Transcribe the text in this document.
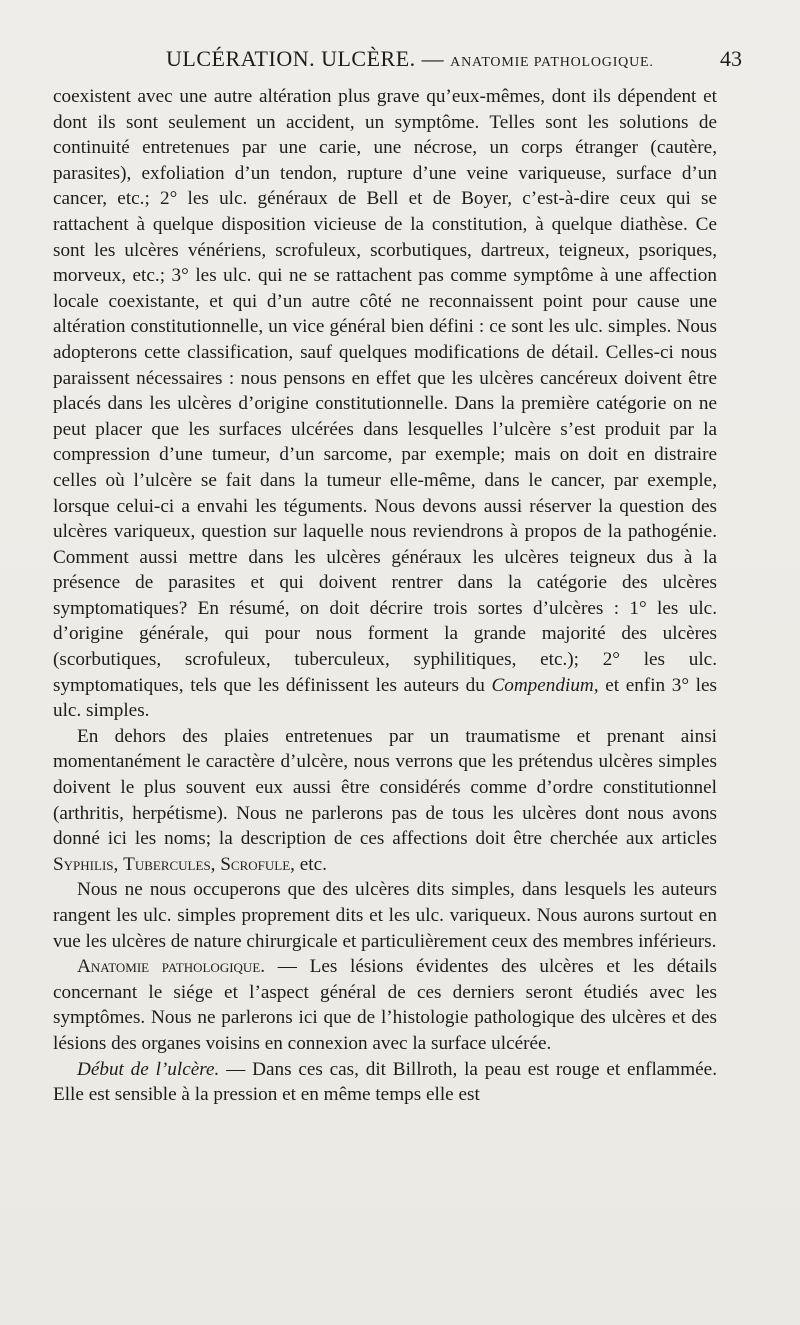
ULCÉRATION. ULCÈRE. — ANATOMIE PATHOLOGIQUE.	43

coexistent avec une autre altération plus grave qu’eux-mêmes, dont ils dépendent et dont ils sont seulement un accident, un symptôme. Telles sont les solutions de continuité entretenues par une carie, une nécrose, un corps étranger (cautère, parasites), exfoliation d’un tendon, rupture d’une veine variqueuse, surface d’un cancer, etc.; 2° les ulc. généraux de Bell et de Boyer, c’est-à-dire ceux qui se rattachent à quelque disposition vicieuse de la constitution, à quelque diathèse. Ce sont les ulcères vénériens, scrofuleux, scorbutiques, dartreux, teigneux, psoriques, morveux, etc.; 3° les ulc. qui ne se rattachent pas comme symptôme à une affection locale coexistante, et qui d’un autre côté ne reconnaissent point pour cause une altération constitutionnelle, un vice général bien défini : ce sont les ulc. simples. Nous adopterons cette classification, sauf quelques modifications de détail. Celles-ci nous paraissent nécessaires : nous pensons en effet que les ulcères cancéreux doivent être placés dans les ulcères d’origine constitutionnelle. Dans la première catégorie on ne peut placer que les surfaces ulcérées dans lesquelles l’ulcère s’est produit par la compression d’une tumeur, d’un sarcome, par exemple; mais on doit en distraire celles où l’ulcère se fait dans la tumeur elle-même, dans le cancer, par exemple, lorsque celui-ci a envahi les téguments. Nous devons aussi réserver la question des ulcères variqueux, question sur laquelle nous reviendrons à propos de la pathogénie. Comment aussi mettre dans les ulcères généraux les ulcères teigneux dus à la présence de parasites et qui doivent rentrer dans la catégorie des ulcères symptomatiques? En résumé, on doit décrire trois sortes d’ulcères : 1° les ulc. d’origine générale, qui pour nous forment la grande majorité des ulcères (scorbutiques, scrofuleux, tuberculeux, syphilitiques, etc.); 2° les ulc. symptomatiques, tels que les définissent les auteurs du Compendium, et enfin 3° les ulc. simples.

En dehors des plaies entretenues par un traumatisme et prenant ainsi momentanément le caractère d’ulcère, nous verrons que les prétendus ulcères simples doivent le plus souvent eux aussi être considérés comme d’ordre constitutionnel (arthritis, herpétisme). Nous ne parlerons pas de tous les ulcères dont nous avons donné ici les noms; la description de ces affections doit être cherchée aux articles Syphilis, Tubercules, Scrofule, etc.

Nous ne nous occuperons que des ulcères dits simples, dans lesquels les auteurs rangent les ulc. simples proprement dits et les ulc. variqueux. Nous aurons surtout en vue les ulcères de nature chirurgicale et particulièrement ceux des membres inférieurs.

Anatomie pathologique. — Les lésions évidentes des ulcères et les détails concernant le siége et l’aspect général de ces derniers seront étudiés avec les symptômes. Nous ne parlerons ici que de l’histologie pathologique des ulcères et des lésions des organes voisins en connexion avec la surface ulcérée.

Début de l’ulcère. — Dans ces cas, dit Billroth, la peau est rouge et enflammée. Elle est sensible à la pression et en même temps elle est
